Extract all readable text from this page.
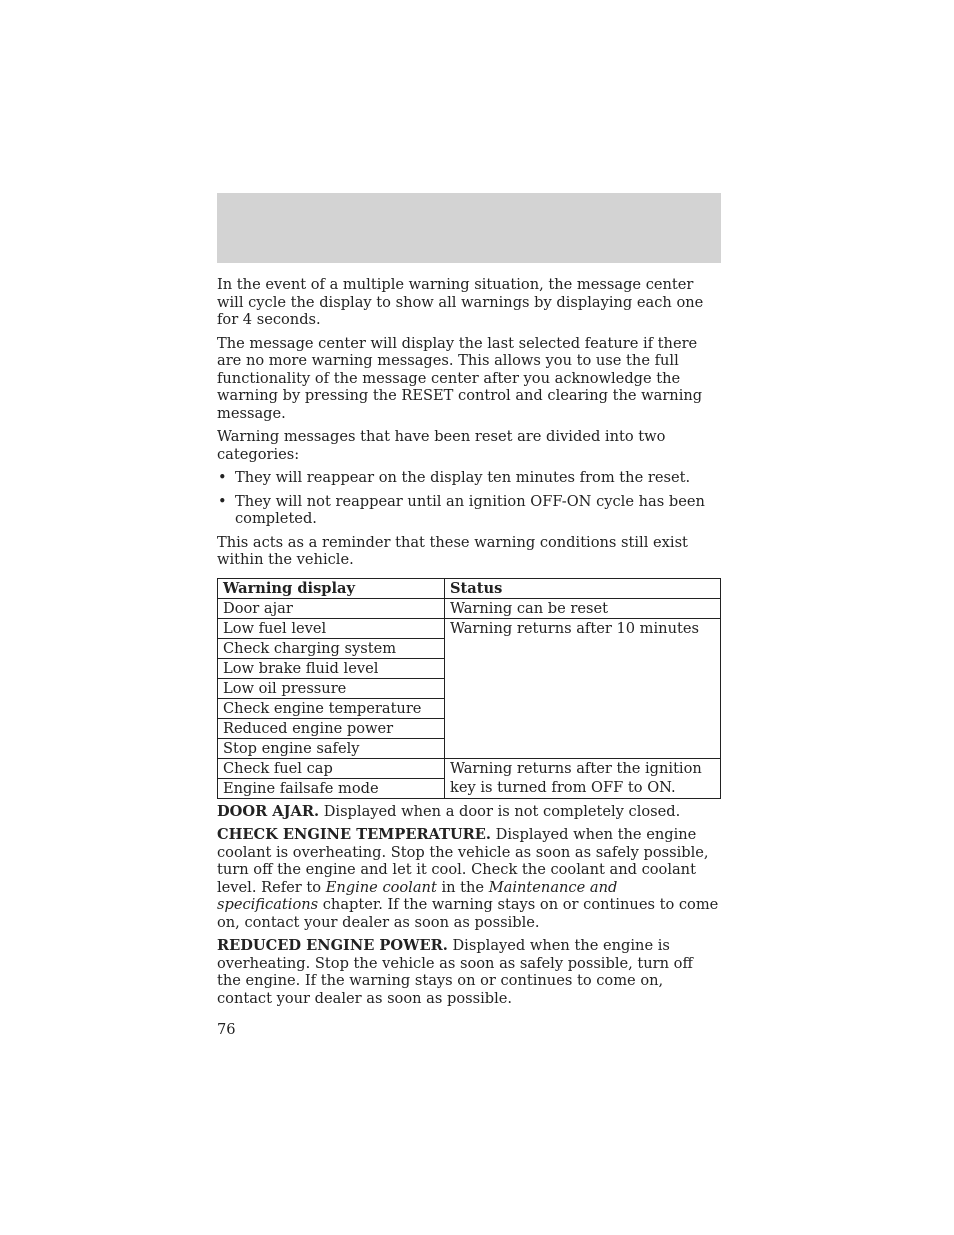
In the event of a multiple warning situation, the message center will cycle the display to show all warnings by displaying each one for 4 seconds.

The message center will display the last selected feature if there are no more warning messages. This allows you to use the full functionality of the message center after you acknowledge the warning by pressing the RESET control and clearing the warning message.

Warning messages that have been reset are divided into two categories:

• They will reappear on the display ten minutes from the reset.
• They will not reappear until an ignition OFF-ON cycle has been completed.

This acts as a reminder that these warning conditions still exist within the vehicle.

Warning display	Status
Door ajar	Warning can be reset
Low fuel level	Warning returns after 10 minutes
Check charging system	
Low brake fluid level	
Low oil pressure	
Check engine temperature	
Reduced engine power	
Stop engine safely	
Check fuel cap	Warning returns after the ignition key is turned from OFF to ON.
Engine failsafe mode	

DOOR AJAR. Displayed when a door is not completely closed.

CHECK ENGINE TEMPERATURE. Displayed when the engine coolant is overheating. Stop the vehicle as soon as safely possible, turn off the engine and let it cool. Check the coolant and coolant level. Refer to Engine coolant in the Maintenance and specifications chapter. If the warning stays on or continues to come on, contact your dealer as soon as possible.

REDUCED ENGINE POWER. Displayed when the engine is overheating. Stop the vehicle as soon as safely possible, turn off the engine. If the warning stays on or continues to come on, contact your dealer as soon as possible.

76
